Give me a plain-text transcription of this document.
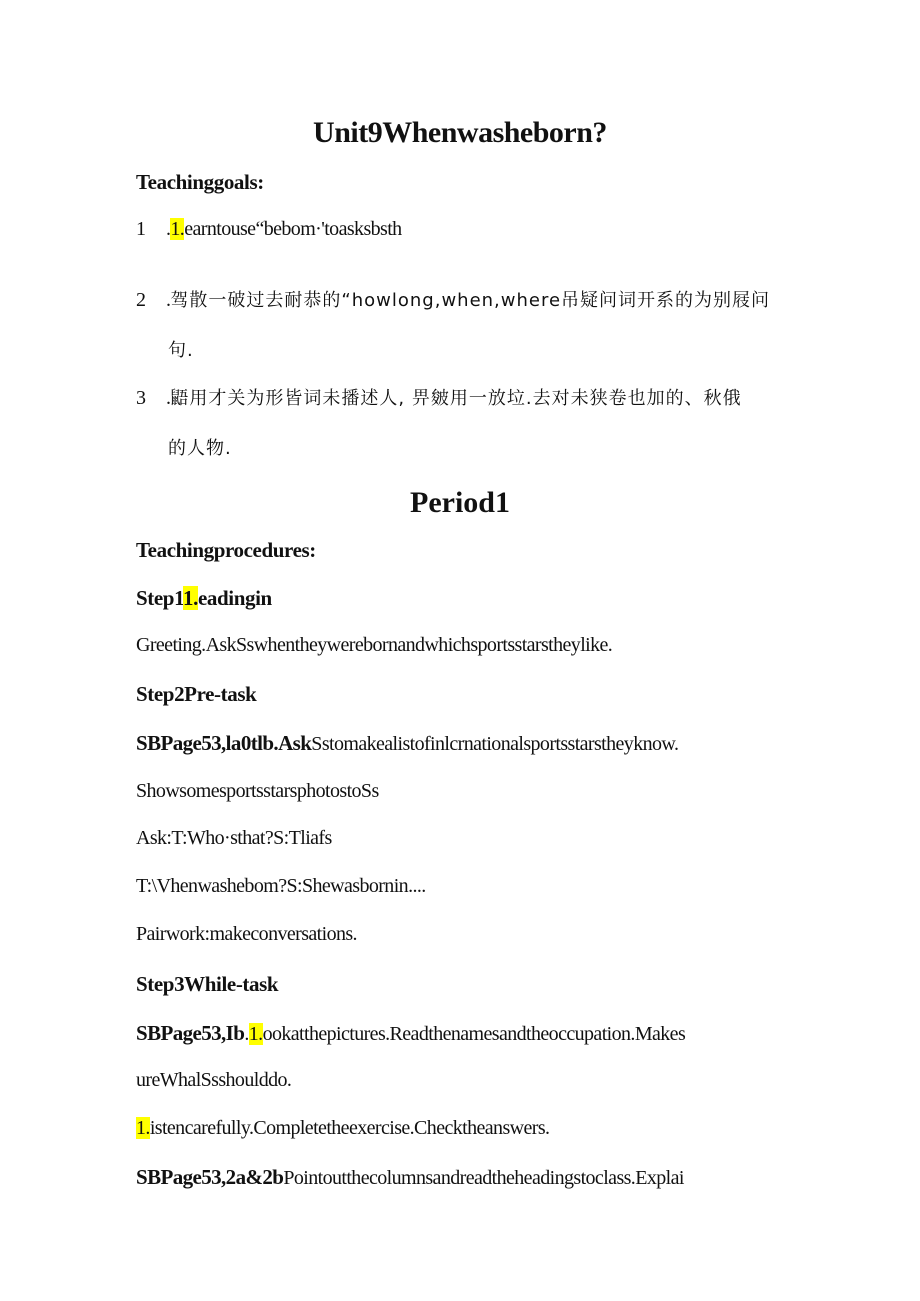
Unit9Whenwasheborn?
Teachinggoals:
1 .1.earntouse“bebom·'toasksbsth
2 .驾散一破过去耐恭的“howlong,when,where吊疑问词开系的为别屐问
句.
3 .鼯用才关为形皆词未播述人, 畀皴用一放垃.去对未狭卷也加的、秋俄
的人物.
Period1
Teachingprocedures:
Step11.eadingin
Greeting.AskSswhentheywerebornandwhichsportsstarstheylike.
Step2Pre-task
SBPage53,la0tlb.AskSstomakealistofinlcrnationalsportsstarstheyknow.
ShowsomesportsstarsphotostoSs
Ask:T:Who·sthat?S:Tliafs
T:\Vhenwashebom?S:Shewasbornin....
Pairwork:makeconversations.
Step3While-task
SBPage53,Ib.1.ookatthepictures.Readthenamesandtheoccupation.Makes
ureWhalSsshoulddo.
1.istencarefully.Completetheexercise.Checktheanswers.
SBPage53,2a&2bPointoutthecolumnsandreadtheheadingstoclass.Explai
